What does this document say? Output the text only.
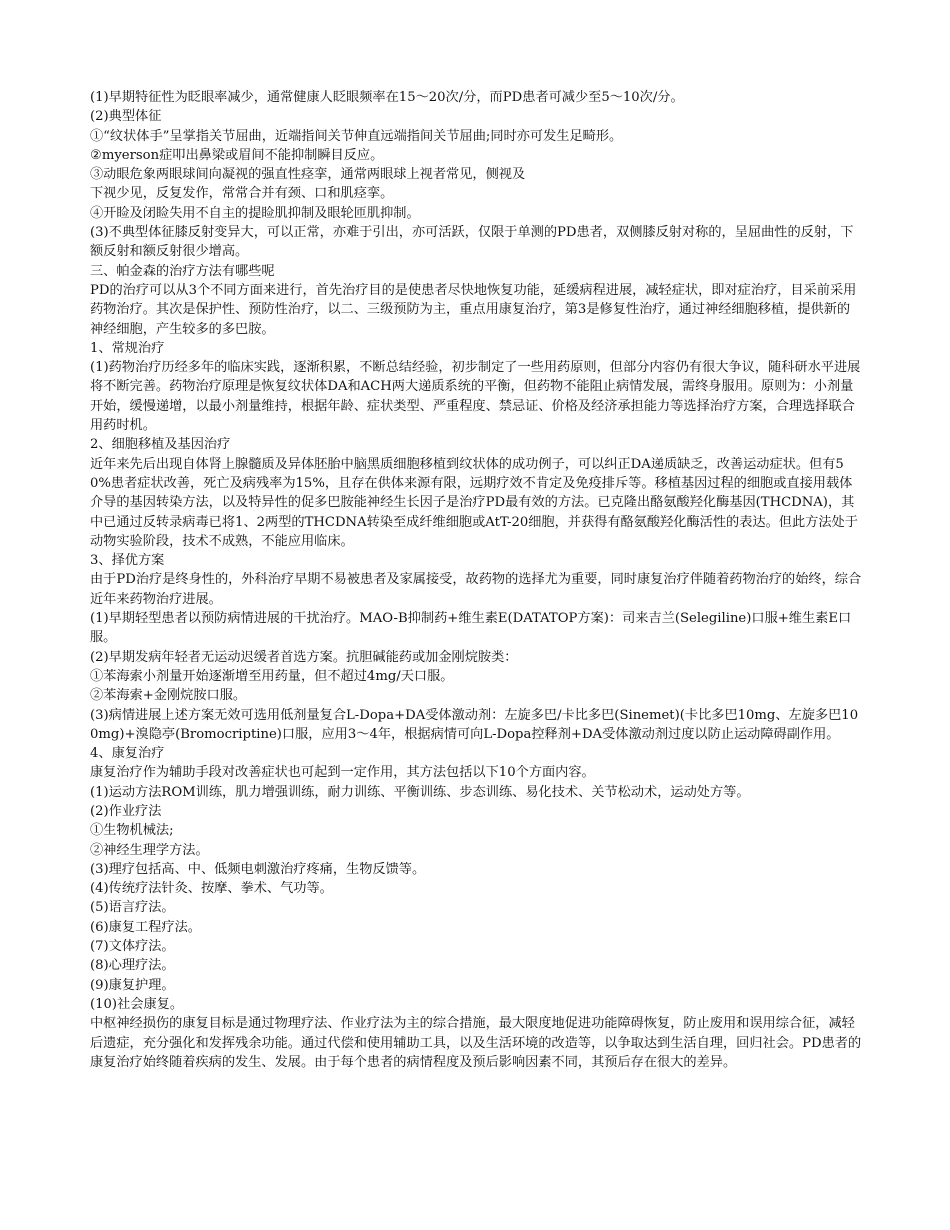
(1)早期特征性为眨眼率减少，通常健康人眨眼频率在15～20次/分，而PD患者可减少至5～10次/分。

(2)典型体征

①“纹状体手”呈掌指关节屈曲，近端指间关节伸直远端指间关节屈曲;同时亦可发生足畸形。

②myerson症叩出鼻梁或眉间不能抑制瞬目反应。

③动眼危象两眼球间向凝视的强直性痉挛，通常两眼球上视者常见，侧视及

下视少见，反复发作，常常合并有颈、口和肌痉挛。

④开睑及闭睑失用不自主的提睑肌抑制及眼轮匝肌抑制。

(3)不典型体征膝反射变异大，可以正常，亦难于引出，亦可活跃，仅限于单测的PD患者，双侧膝反射对称的，呈屈曲性的反射，下额反射和额反射很少增高。

三、帕金森的治疗方法有哪些呢

PD的治疗可以从3个不同方面来进行，首先治疗目的是使患者尽快地恢复功能，延缓病程进展，减轻症状，即对症治疗，目采前采用药物治疗。其次是保护性、预防性治疗，以二、三级预防为主，重点用康复治疗，第3是修复性治疗，通过神经细胞移植，提供新的神经细胞，产生较多的多巴胺。

1、常规治疗

(1)药物治疗历经多年的临床实践，逐渐积累，不断总结经验，初步制定了一些用药原则，但部分内容仍有很大争议，随科研水平进展将不断完善。药物治疗原理是恢复纹状体DA和ACH两大递质系统的平衡，但药物不能阻止病情发展，需终身服用。原则为：小剂量开始，缓慢递增，以最小剂量维持，根据年龄、症状类型、严重程度、禁忌证、价格及经济承担能力等选择治疗方案，合理选择联合用药时机。

2、细胞移植及基因治疗

近年来先后出现自体肾上腺髓质及异体胚胎中脑黑质细胞移植到纹状体的成功例子，可以纠正DA递质缺乏，改善运动症状。但有50%患者症状改善，死亡及病残率为15%，且存在供体来源有限，远期疗效不肯定及免疫排斥等。移植基因过程的细胞或直接用载体介导的基因转染方法，以及特异性的促多巴胺能神经生长因子是治疗PD最有效的方法。已克隆出酪氨酸羟化酶基因(THCDNA)，其中已通过反转录病毒已将1、2两型的THCDNA转染至成纤维细胞或AtT-20细胞，并获得有酪氨酸羟化酶活性的表达。但此方法处于动物实验阶段，技术不成熟，不能应用临床。

3、择优方案

由于PD治疗是终身性的，外科治疗早期不易被患者及家属接受，故药物的选择尤为重要，同时康复治疗伴随着药物治疗的始终，综合近年来药物治疗进展。

(1)早期轻型患者以预防病情进展的干扰治疗。MAO-B抑制药+维生素E(DATATOP方案)：司来吉兰(Selegiline)口服+维生素E口服。

(2)早期发病年轻者无运动迟缓者首选方案。抗胆碱能药或加金刚烷胺类：

①苯海索小剂量开始逐渐增至用药量，但不超过4mg/天口服。

②苯海索+金刚烷胺口服。

(3)病情进展上述方案无效可选用低剂量复合L-Dopa+DA受体激动剂：左旋多巴/卡比多巴(Sinemet)(卡比多巴10mg、左旋多巴100mg)+溴隐亭(Bromocriptine)口服，应用3～4年，根据病情可向L-Dopa控释剂+DA受体激动剂过度以防止运动障碍副作用。

4、康复治疗

康复治疗作为辅助手段对改善症状也可起到一定作用，其方法包括以下10个方面内容。

(1)运动方法ROM训练，肌力增强训练，耐力训练、平衡训练、步态训练、易化技术、关节松动术，运动处方等。

(2)作业疗法

①生物机械法;

②神经生理学方法。

(3)理疗包括高、中、低频电刺激治疗疼痛，生物反馈等。

(4)传统疗法针灸、按摩、拳术、气功等。

(5)语言疗法。

(6)康复工程疗法。

(7)文体疗法。

(8)心理疗法。

(9)康复护理。

(10)社会康复。

中枢神经损伤的康复目标是通过物理疗法、作业疗法为主的综合措施，最大限度地促进功能障碍恢复，防止废用和误用综合征，减轻后遗症，充分强化和发挥残余功能。通过代偿和使用辅助工具，以及生活环境的改造等，以争取达到生活自理，回归社会。PD患者的康复治疗始终随着疾病的发生、发展。由于每个患者的病情程度及预后影响因素不同，其预后存在很大的差异。
